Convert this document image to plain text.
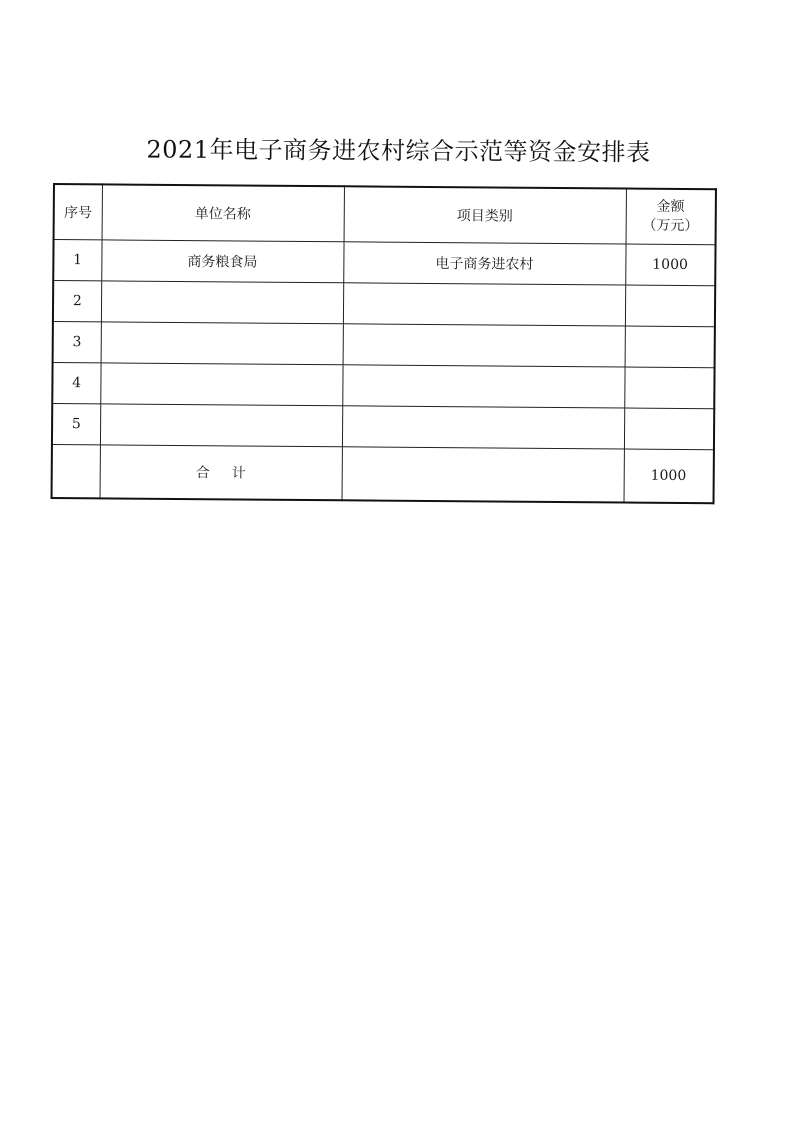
2021年电子商务进农村综合示范等资金安排表
序号	单位名称	项目类别	金额
（万元）

1	商务粮食局	电子商务进农村	1000
2			
3			
4			
5			
	合计		1000
